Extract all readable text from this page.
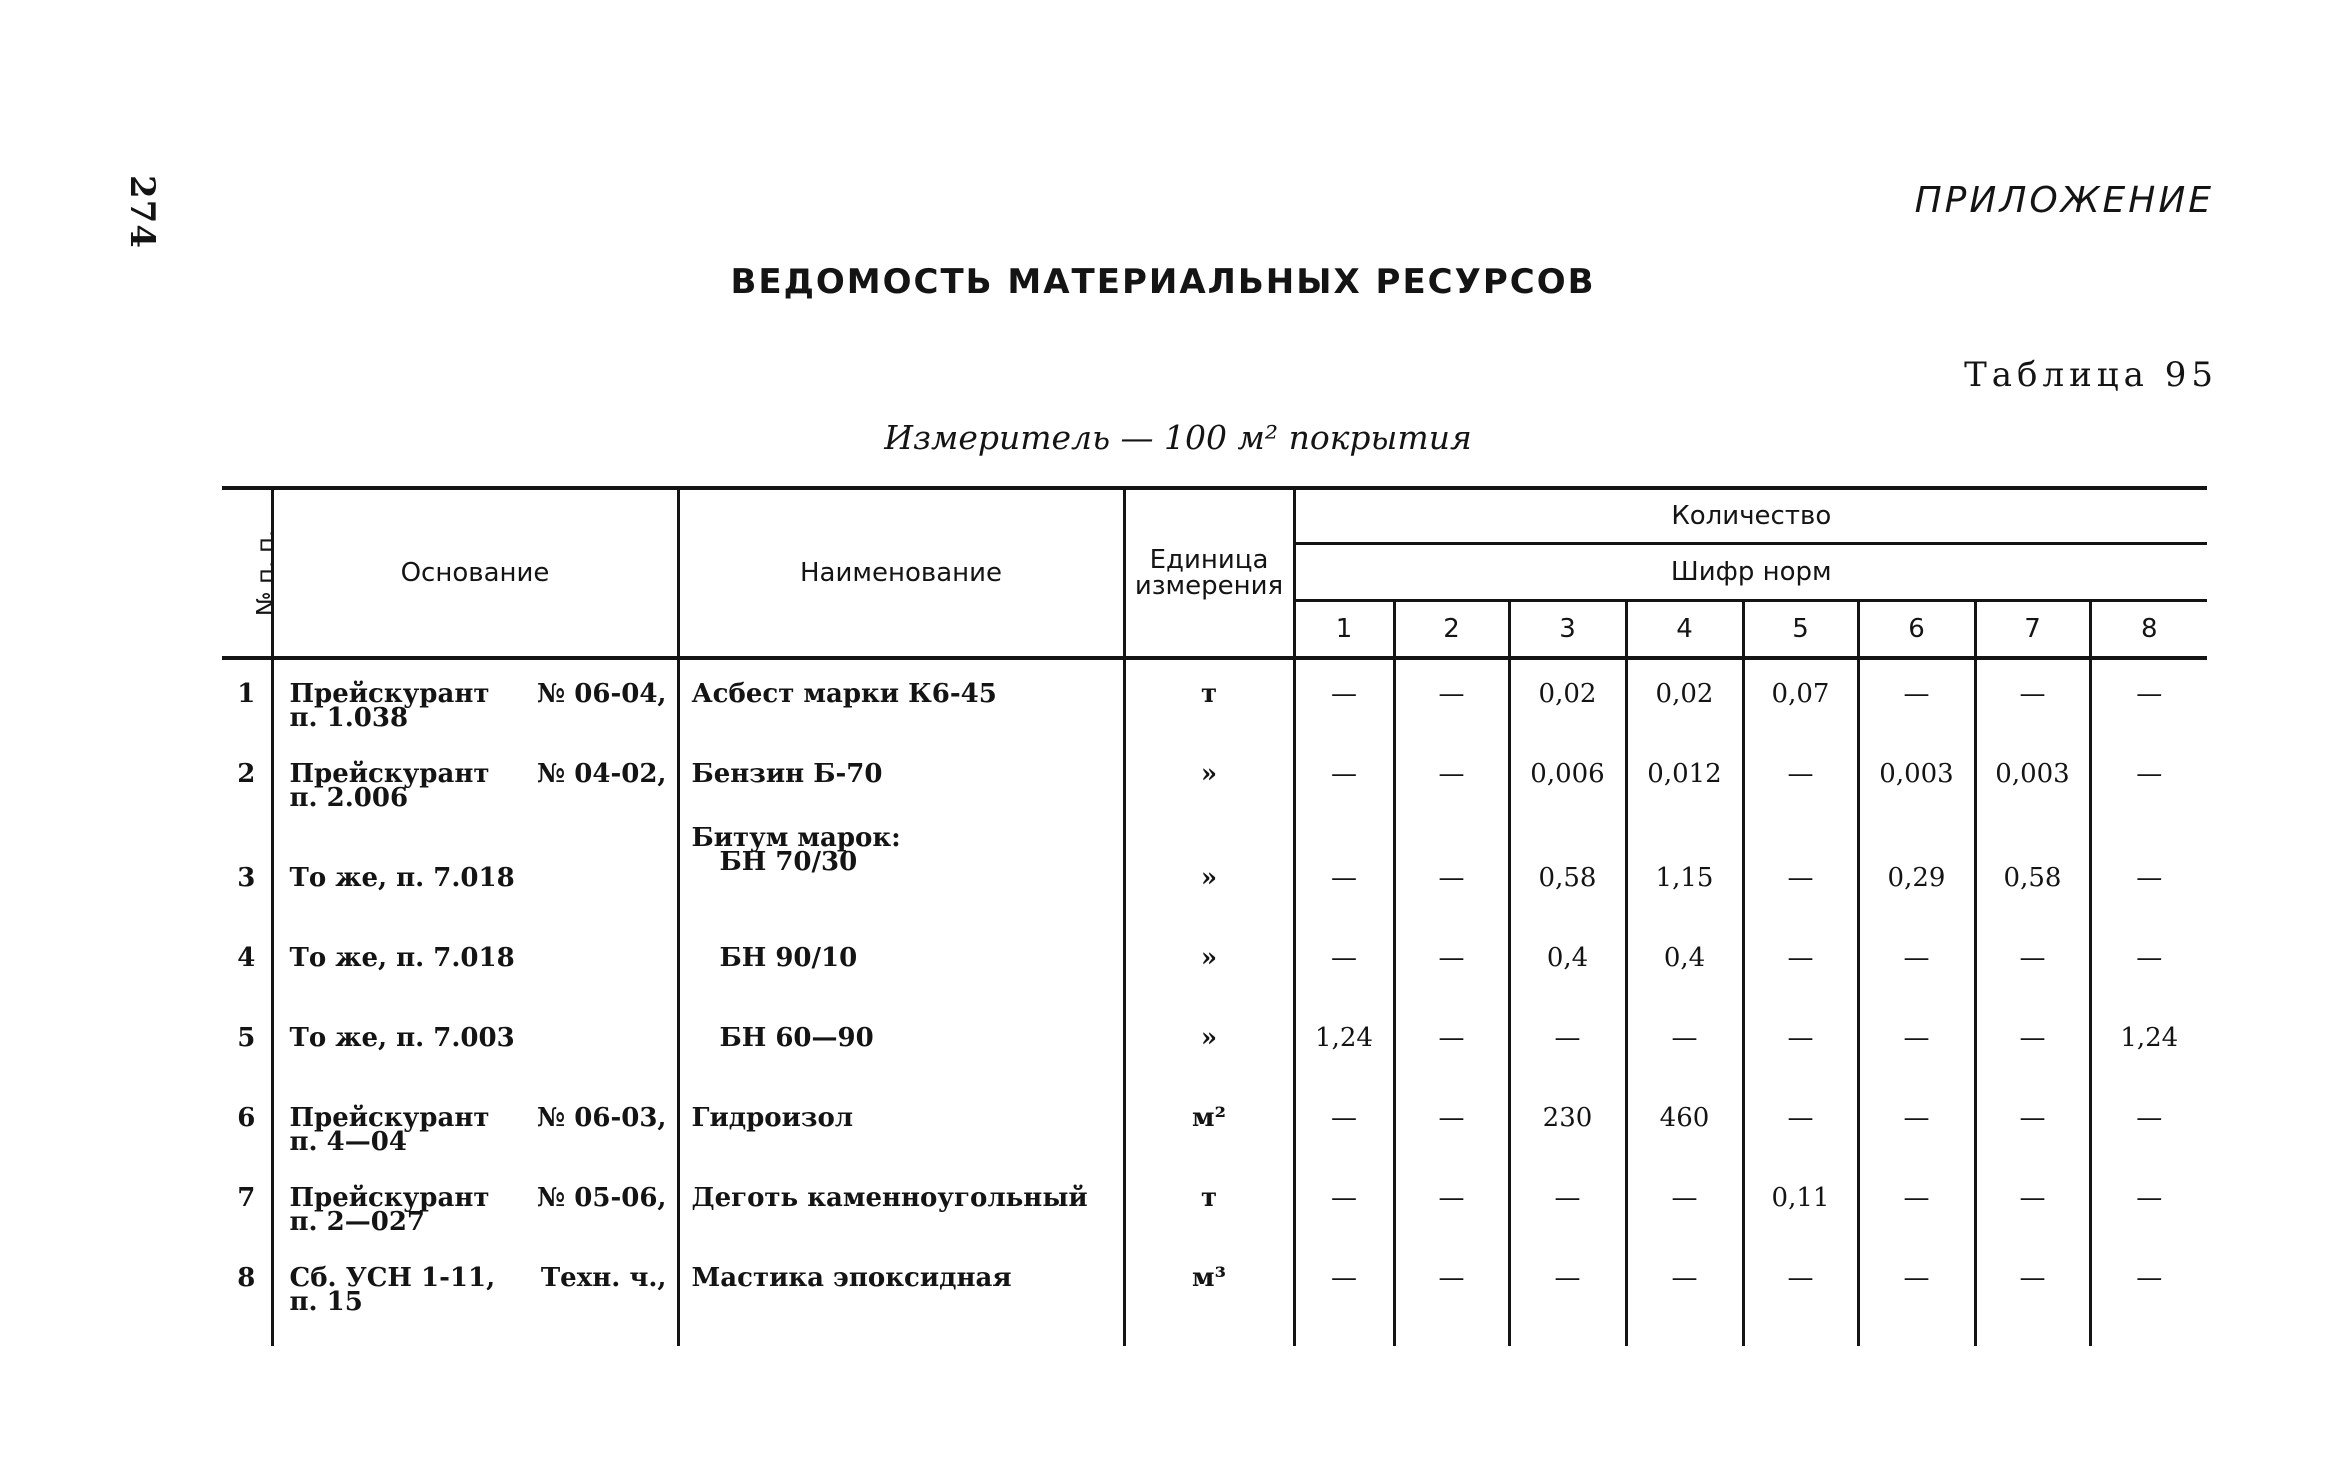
274	ПРИЛОЖЕНИЕ
ВЕДОМОСТЬ МАТЕРИАЛЬНЫХ РЕСУРСОВ
Таблица 95
Измеритель — 100 м² покрытия
№ п. п.	Основание	Наименование	Единица
измерения	Количество							
				Шифр норм							
				1	2	3	4	5	6	7	8
1	Прейскурант № 06-04,
п. 1.038	Асбест марки К6-45	т	—	—	0,02	0,02	0,07	—	—	—
2	Прейскурант № 04-02,
п. 2.006	Бензин Б-70	»	—	—	0,006	0,012	—	0,003	0,003	—
3	То же, п. 7.018	Битум марок:
БН 70/30	»	—	—	0,58	1,15	—	0,29	0,58	—
4	То же, п. 7.018	БН 90/10	»	—	—	0,4	0,4	—	—	—	—
5	То же, п. 7.003	БН 60—90	»	1,24	—	—	—	—	—	—	1,24
6	Прейскурант № 06-03,
п. 4—04	Гидроизол	м²	—	—	230	460	—	—	—	—
7	Прейскурант № 05-06,
п. 2—027	Деготь каменноугольный	т	—	—	—	—	0,11	—	—	—
8	Сб. УСН 1-11, Техн. ч.,
п. 15	Мастика эпоксидная	м³	—	—	—	—	—	—	—	—
